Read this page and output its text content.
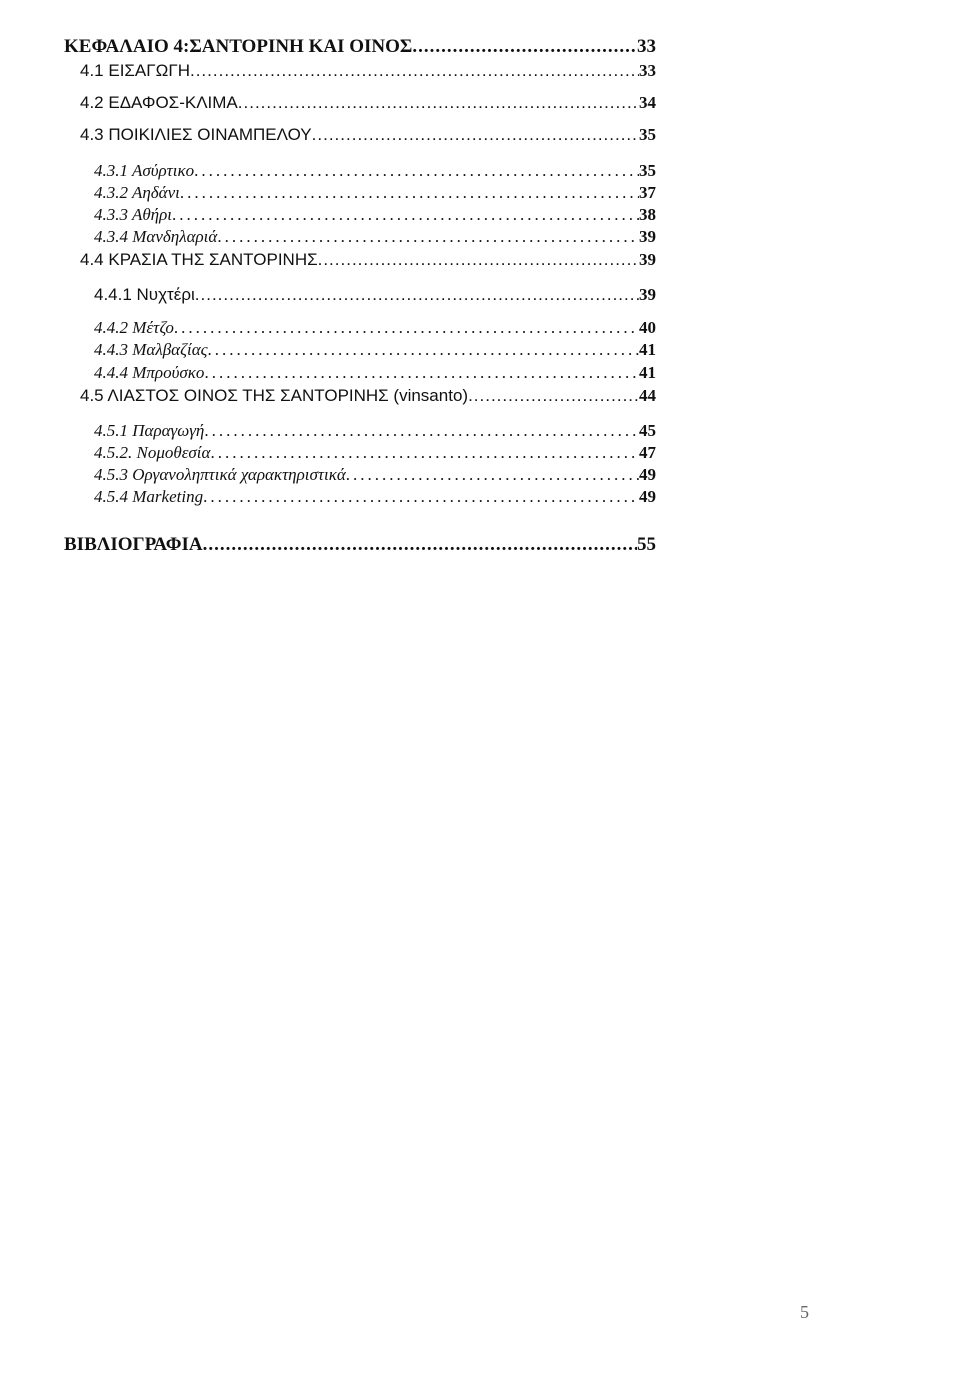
ΚΕΦΑΛΑΙΟ 4:ΣΑΝΤΟΡΙΝΗ ΚΑΙ ΟΙΝΟΣ .....	33
4.1 ΕΙΣΑΓΩΓΗ .....	33
4.2 ΕΔΑΦΟΣ-ΚΛΙΜΑ .....	34
4.3 ΠΟΙΚΙΛΙΕΣ ΟΙΝΑΜΠΕΛΟΥ .....	35
4.3.1 Ασύρτικο .....	35
4.3.2 Αηδάνι .....	37
4.3.3 Αθήρι .....	38
4.3.4 Μανδηλαριά .....	39
4.4 ΚΡΑΣΙΑ ΤΗΣ ΣΑΝΤΟΡΙΝΗΣ .....	39
4.4.1 Νυχτέρι .....	39
4.4.2 Μέτζο .....	40
4.4.3 Μαλβαζίας .....	41
4.4.4 Μπρούσκο .....	41
4.5 ΛΙΑΣΤΟΣ ΟΙΝΟΣ ΤΗΣ ΣΑΝΤΟΡΙΝΗΣ (vinsanto) .....	44
4.5.1 Παραγωγή .....	45
4.5.2. Νομοθεσία .....	47
4.5.3 Οργανοληπτικά χαρακτηριστικά .....	49
4.5.4 Marketing .....	49
ΒΙΒΛΙΟΓΡΑΦΙΑ .....	55
5
